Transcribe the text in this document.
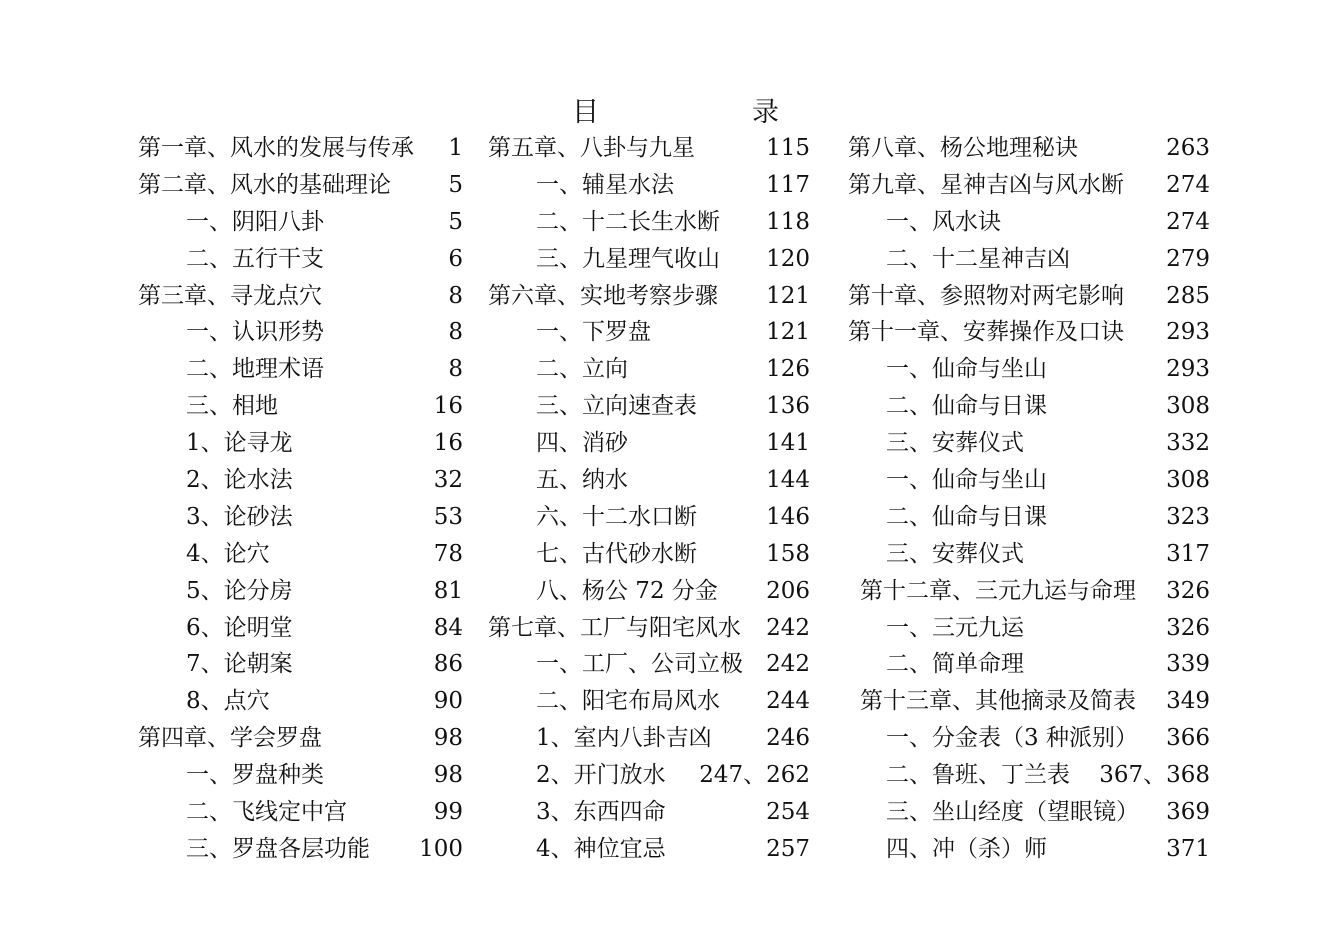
目	录
第一章、风水的发展与传承	1
第二章、风水的基础理论	5
一、阴阳八卦	5
二、五行干支	6
第三章、寻龙点穴	8
一、认识形势	8
二、地理术语	8
三、相地	16
1、论寻龙	16
2、论水法	32
3、论砂法	53
4、论穴	78
5、论分房	81
6、论明堂	84
7、论朝案	86
8、点穴	90
第四章、学会罗盘	98
一、罗盘种类	98
二、飞线定中宫	99
三、罗盘各层功能	100
第五章、八卦与九星	115
一、辅星水法	117
二、十二长生水断	118
三、九星理气收山	120
第六章、实地考察步骤	121
一、下罗盘	121
二、立向	126
三、立向速查表	136
四、消砂	141
五、纳水	144
六、十二水口断	146
七、古代砂水断	158
八、杨公 72 分金	206
第七章、工厂与阳宅风水	242
一、工厂、公司立极	242
二、阳宅布局风水	244
1、室内八卦吉凶	246
2、开门放水	247、262
3、东西四命	254
4、神位宜忌	257
第八章、杨公地理秘诀	263
第九章、星神吉凶与风水断	274
一、风水诀	274
二、十二星神吉凶	279
第十章、参照物对两宅影响	285
第十一章、安葬操作及口诀	293
一、仙命与坐山	293
二、仙命与日课	308
三、安葬仪式	332
一、仙命与坐山	308
二、仙命与日课	323
三、安葬仪式	317
第十二章、三元九运与命理	326
一、三元九运	326
二、简单命理	339
第十三章、其他摘录及简表	349
一、分金表（3 种派别）	366
二、鲁班、丁兰表	367、368
三、坐山经度（望眼镜）	369
四、冲（杀）师	371
